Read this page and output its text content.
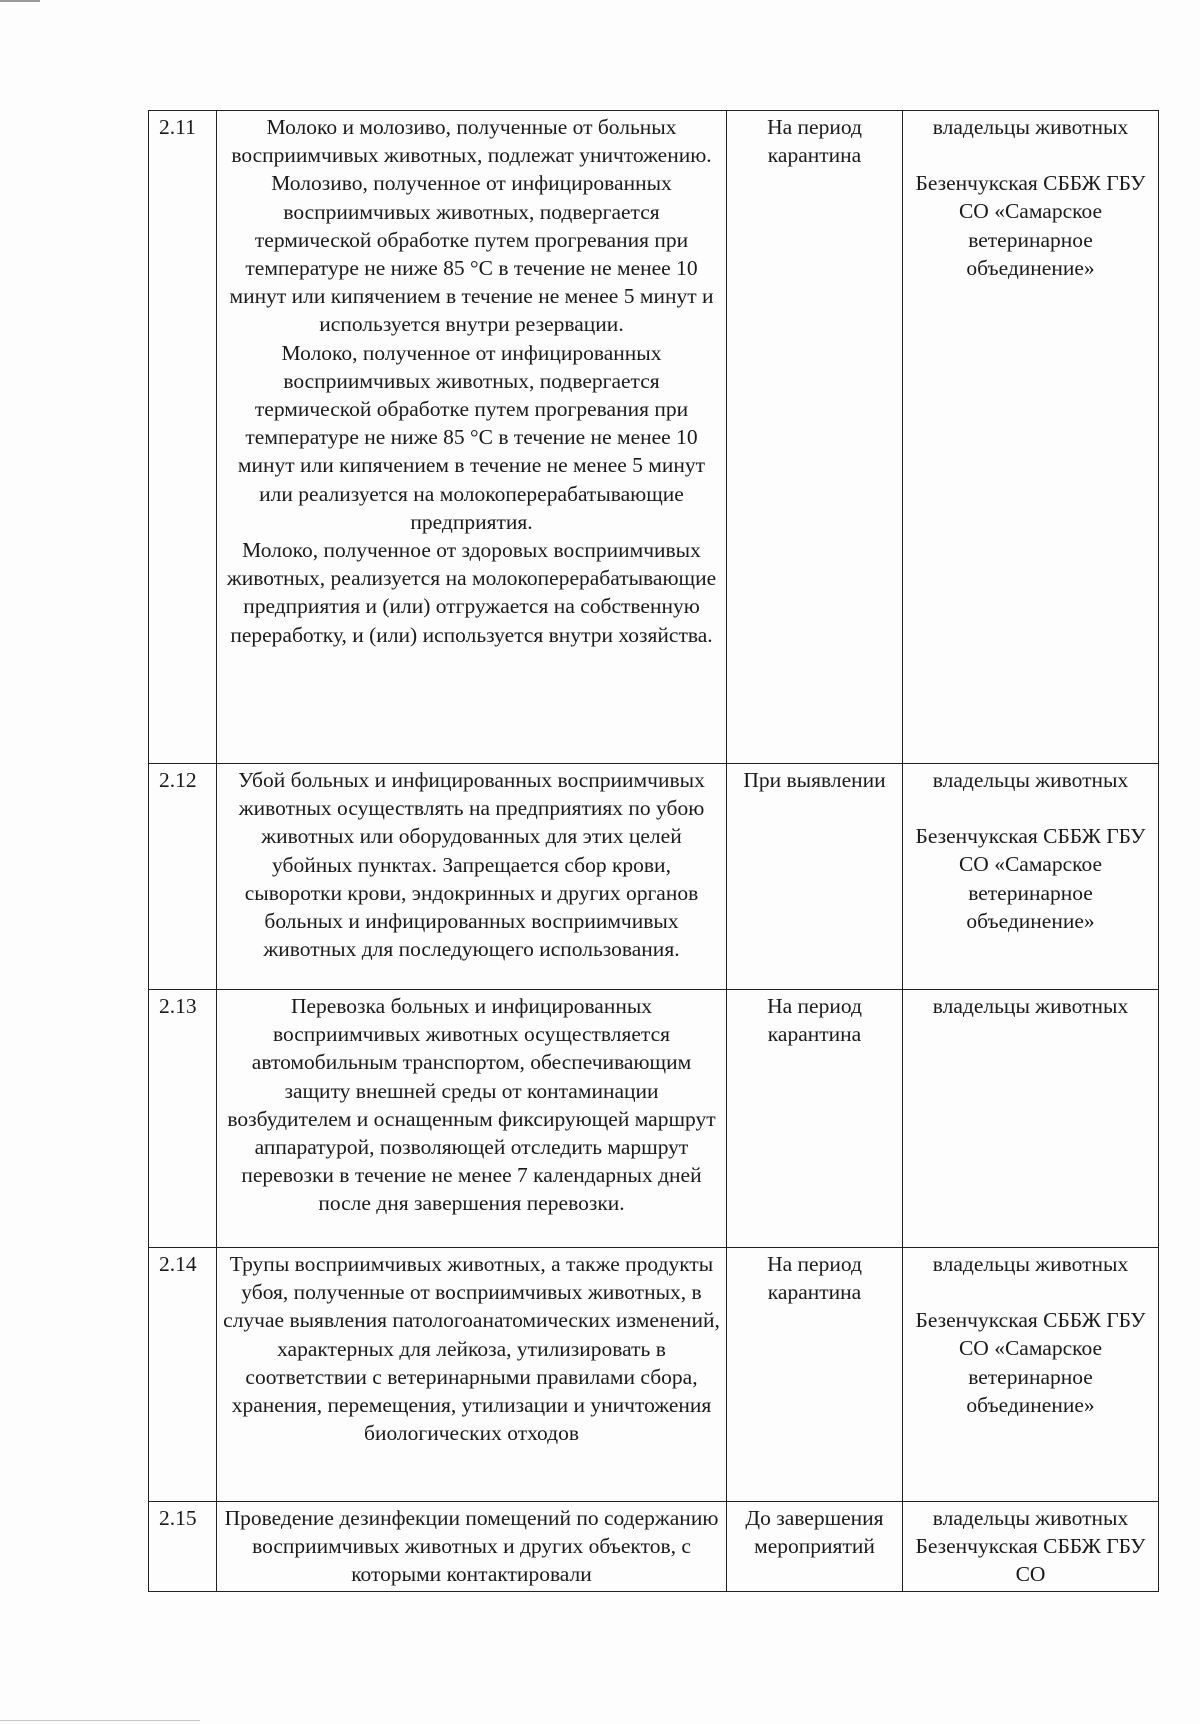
2.11	Молоко и молозиво, полученные от больных восприимчивых животных, подлежат уничтожению. Молозиво, полученное от инфицированных восприимчивых животных, подвергается термической обработке путем прогревания при температуре не ниже 85 °С в течение не менее 10 минут или кипячением в течение не менее 5 минут и используется внутри резервации.
Молоко, полученное от инфицированных восприимчивых животных, подвергается термической обработке путем прогревания при температуре не ниже 85 °С в течение не менее 10 минут или кипячением в течение не менее 5 минут или реализуется на молокоперерабатывающие предприятия.
Молоко, полученное от здоровых восприимчивых животных, реализуется на молокоперерабатывающие предприятия и (или) отгружается на собственную переработку, и (или) используется внутри хозяйства.	На период карантина	владельцы животных
Безенчукская СББЖ ГБУ СО «Самарское ветеринарное объединение»

2.12	Убой больных и инфицированных восприимчивых животных осуществлять на предприятиях по убою животных или оборудованных для этих целей убойных пунктах. Запрещается сбор крови, сыворотки крови, эндокринных и других органов больных и инфицированных восприимчивых животных для последующего использования.	При выявлении	владельцы животных
Безенчукская СББЖ ГБУ СО «Самарское ветеринарное объединение»

2.13	Перевозка больных и инфицированных восприимчивых животных осуществляется автомобильным транспортом, обеспечивающим защиту внешней среды от контаминации возбудителем и оснащенным фиксирующей маршрут аппаратурой, позволяющей отследить маршрут перевозки в течение не менее 7 календарных дней после дня завершения перевозки.	На период карантина	владельцы животных

2.14	Трупы восприимчивых животных, а также продукты убоя, полученные от восприимчивых животных, в случае выявления патологоанатомических изменений, характерных для лейкоза, утилизировать в соответствии с ветеринарными правилами сбора, хранения, перемещения, утилизации и уничтожения биологических отходов	На период карантина	владельцы животных
Безенчукская СББЖ ГБУ СО «Самарское ветеринарное объединение»

2.15	Проведение дезинфекции помещений по содержанию восприимчивых животных и других объектов, с которыми контактировали	До завершения мероприятий	владельцы животных
Безенчукская СББЖ ГБУ СО
